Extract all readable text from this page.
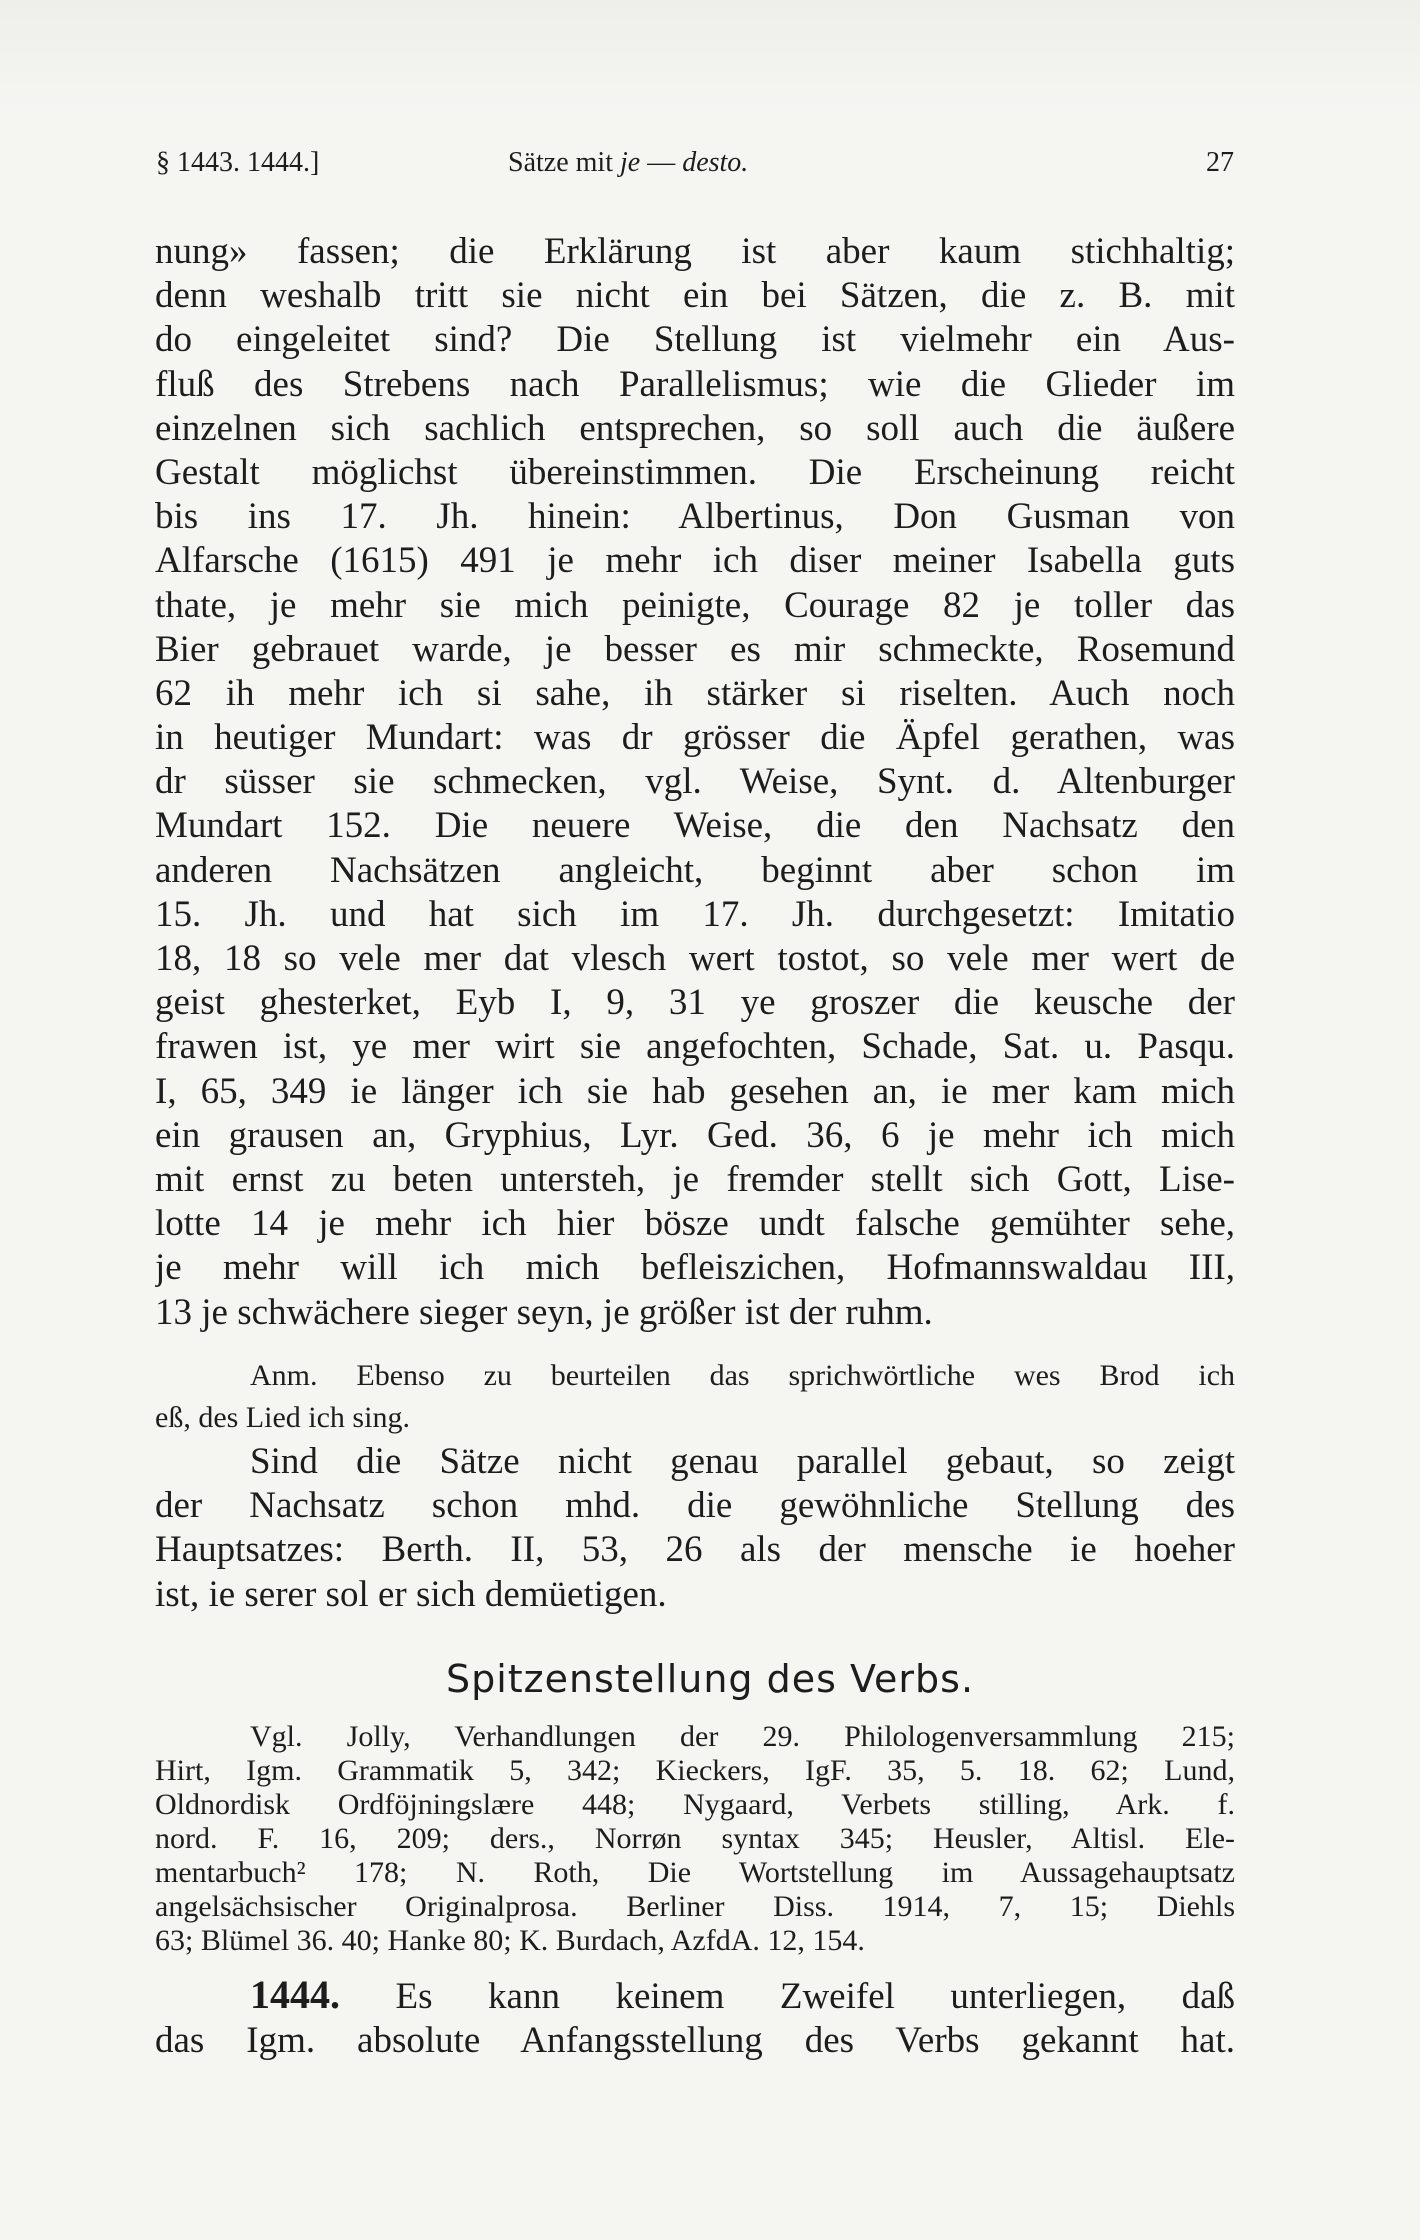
§ 1443. 1444.]	Sätze mit je — desto.	27
nung» fassen; die Erklärung ist aber kaum stichhaltig;
denn weshalb tritt sie nicht ein bei Sätzen, die z. B. mit
do eingeleitet sind? Die Stellung ist vielmehr ein Aus-
fluß des Strebens nach Parallelismus; wie die Glieder im
einzelnen sich sachlich entsprechen, so soll auch die äußere
Gestalt möglichst übereinstimmen. Die Erscheinung reicht
bis ins 17. Jh. hinein: Albertinus, Don Gusman von
Alfarsche (1615) 491 je mehr ich diser meiner Isabella guts
thate, je mehr sie mich peinigte, Courage 82 je toller das
Bier gebrauet warde, je besser es mir schmeckte, Rosemund
62 ih mehr ich si sahe, ih stärker si riselten. Auch noch
in heutiger Mundart: was dr grösser die Äpfel gerathen, was
dr süsser sie schmecken, vgl. Weise, Synt. d. Altenburger
Mundart 152. Die neuere Weise, die den Nachsatz den
anderen Nachsätzen angleicht, beginnt aber schon im
15. Jh. und hat sich im 17. Jh. durchgesetzt: Imitatio
18, 18 so vele mer dat vlesch wert tostot, so vele mer wert de
geist ghesterket, Eyb I, 9, 31 ye groszer die keusche der
frawen ist, ye mer wirt sie angefochten, Schade, Sat. u. Pasqu.
I, 65, 349 ie länger ich sie hab gesehen an, ie mer kam mich
ein grausen an, Gryphius, Lyr. Ged. 36, 6 je mehr ich mich
mit ernst zu beten untersteh, je fremder stellt sich Gott, Lise-
lotte 14 je mehr ich hier bösze undt falsche gemühter sehe,
je mehr will ich mich befleiszichen, Hofmannswaldau III,
13 je schwächere sieger seyn, je größer ist der ruhm.
Anm. Ebenso zu beurteilen das sprichwörtliche wes Brod ich
eß, des Lied ich sing.
Sind die Sätze nicht genau parallel gebaut, so zeigt
der Nachsatz schon mhd. die gewöhnliche Stellung des
Hauptsatzes: Berth. II, 53, 26 als der mensche ie hoeher
ist, ie serer sol er sich demüetigen.
Spitzenstellung des Verbs.
Vgl. Jolly, Verhandlungen der 29. Philologenversammlung 215;
Hirt, Igm. Grammatik 5, 342; Kieckers, IgF. 35, 5. 18. 62; Lund,
Oldnordisk Ordföjningslære 448; Nygaard, Verbets stilling, Ark. f.
nord. F. 16, 209; ders., Norrøn syntax 345; Heusler, Altisl. Ele-
mentarbuch² 178; N. Roth, Die Wortstellung im Aussagehauptsatz
angelsächsischer Originalprosa. Berliner Diss. 1914, 7, 15; Diehls
63; Blümel 36. 40; Hanke 80; K. Burdach, AzfdA. 12, 154.
1444. Es kann keinem Zweifel unterliegen, daß
das Igm. absolute Anfangsstellung des Verbs gekannt hat.
